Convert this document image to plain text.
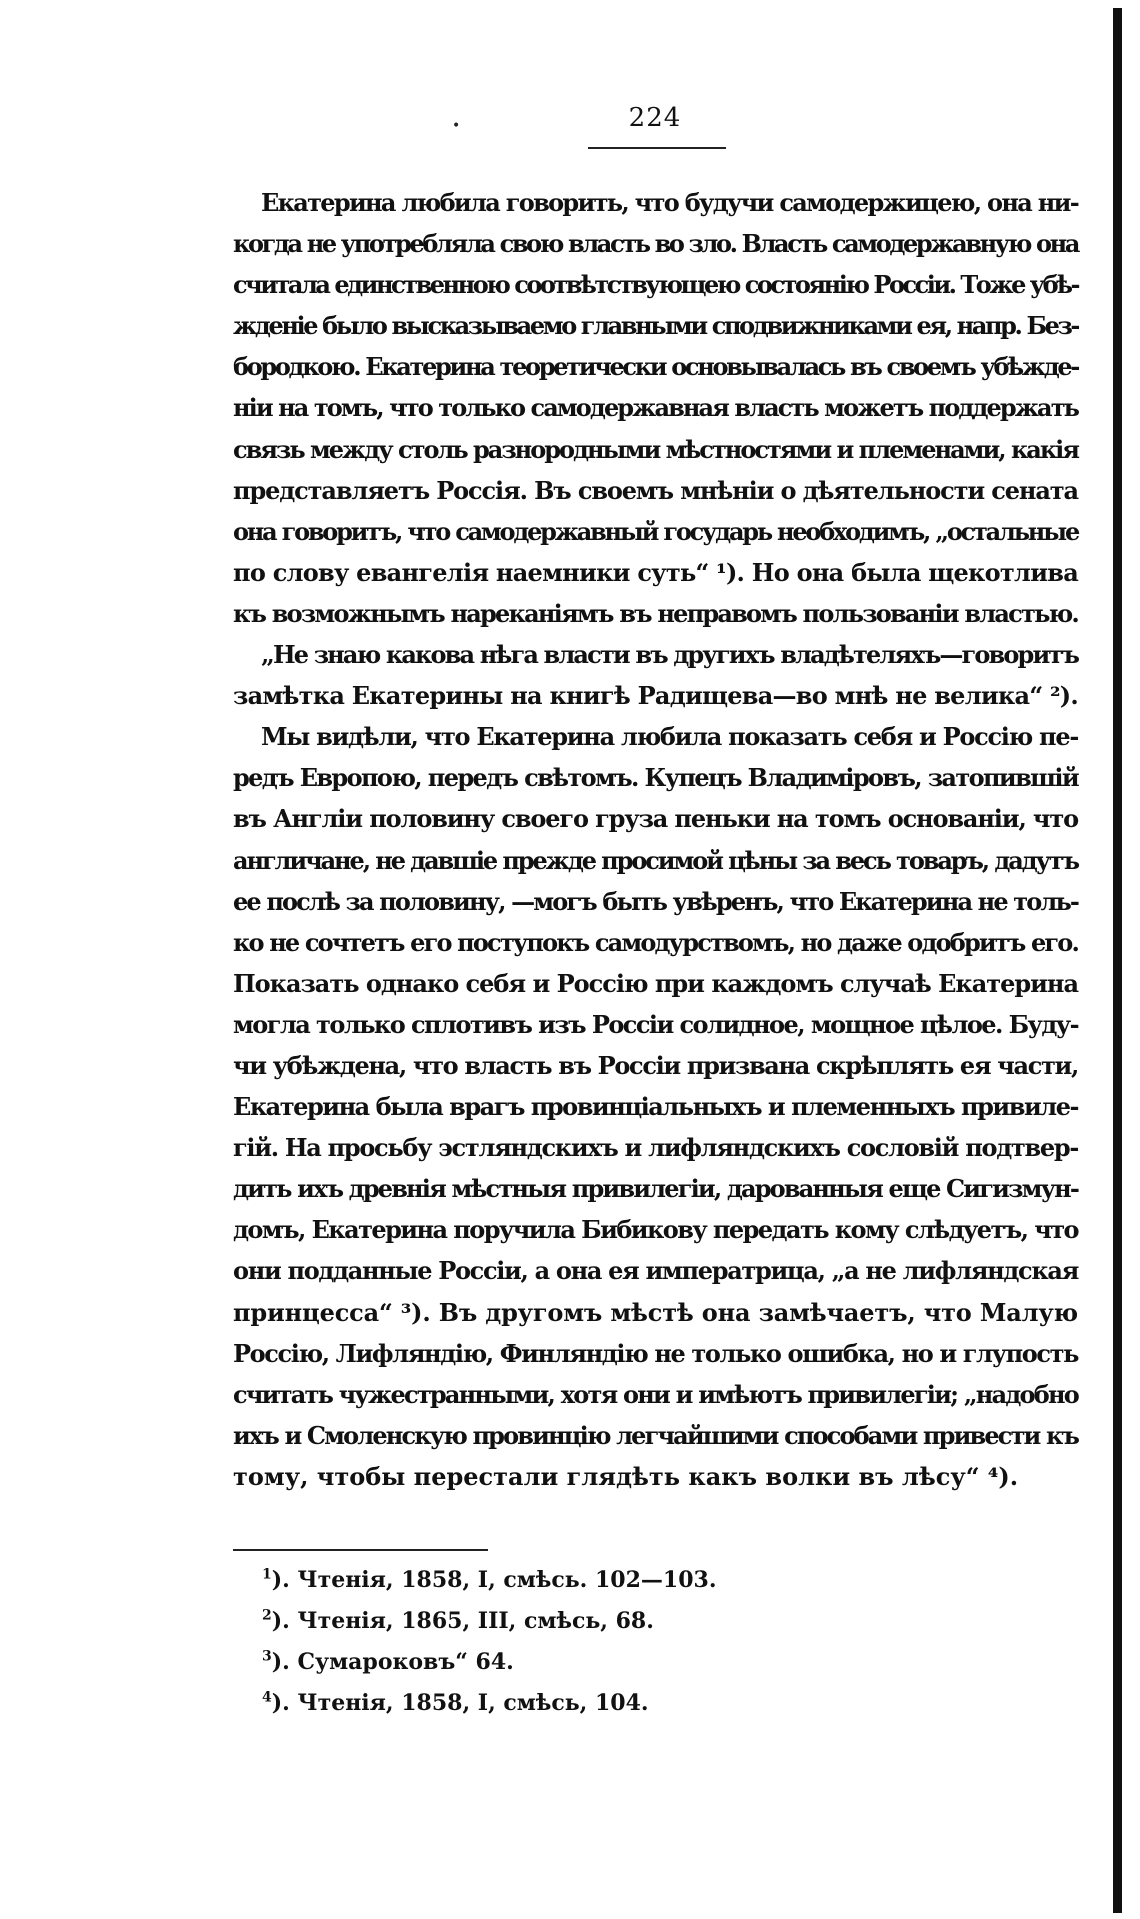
•	224
Екатерина любила говорить, что будучи самодержицею, она ни-
когда не употребляла свою власть во зло. Власть самодержавную она
считала единственною соотвѣтствующею состоянію Россіи. Тоже убѣ-
жденіе было высказываемо главными сподвижниками ея, напр. Без-
бородкою. Екатерина теоретически основывалась въ своемъ убѣжде-
ніи на томъ, что только самодержавная власть можетъ поддержать
связь между столь разнородными мѣстностями и племенами, какія
представляетъ Россія. Въ своемъ мнѣніи о дѣятельности сената
она говоритъ, что самодержавный государь необходимъ, „остальные
по слову евангелія наемники суть“ ¹). Но она была щекотлива
къ возможнымъ нареканіямъ въ неправомъ пользованіи властью.
„Не знаю какова нѣга власти въ другихъ владѣтеляхъ—говоритъ
замѣтка Екатерины на книгѣ Радищева—во мнѣ не велика“ ²).
Мы видѣли, что Екатерина любила показать себя и Россію пе-
редъ Европою, передъ свѣтомъ. Купецъ Владиміровъ, затопившій
въ Англіи половину своего груза пеньки на томъ основаніи, что
англичане, не давшіе прежде просимой цѣны за весь товаръ, дадутъ
ее послѣ за половину, —могъ быть увѣренъ, что Екатерина не толь-
ко не сочтетъ его поступокъ самодурствомъ, но даже одобритъ его.
Показать однако себя и Россію при каждомъ случаѣ Екатерина
могла только сплотивъ изъ Россіи солидное, мощное цѣлое. Буду-
чи убѣждена, что власть въ Россіи призвана скрѣплять ея части,
Екатерина была врагъ провинціальныхъ и племенныхъ привиле-
гій. На просьбу эстляндскихъ и лифляндскихъ сословій подтвер-
дить ихъ древнія мѣстныя привилегіи, дарованныя еще Сигизмун-
домъ, Екатерина поручила Бибикову передать кому слѣдуетъ, что
они подданные Россіи, а она ея императрица, „а не лифляндская
принцесса“ ³). Въ другомъ мѣстѣ она замѣчаетъ, что Малую
Россію, Лифляндію, Финляндію не только ошибка, но и глупость
считать чужестранными, хотя они и имѣютъ привилегіи; „надобно
ихъ и Смоленскую провинцію легчайшими способами привести къ
тому, чтобы перестали глядѣть какъ волки въ лѣсу“ ⁴).
$^1$). Чтенія, 1858, I, смѣсь. 102—103.
$^2$). Чтенія, 1865, III, смѣсь, 68.
$^3$). Сумароковъ“ 64.
$^4$). Чтенія, 1858, I, смѣсь, 104.
